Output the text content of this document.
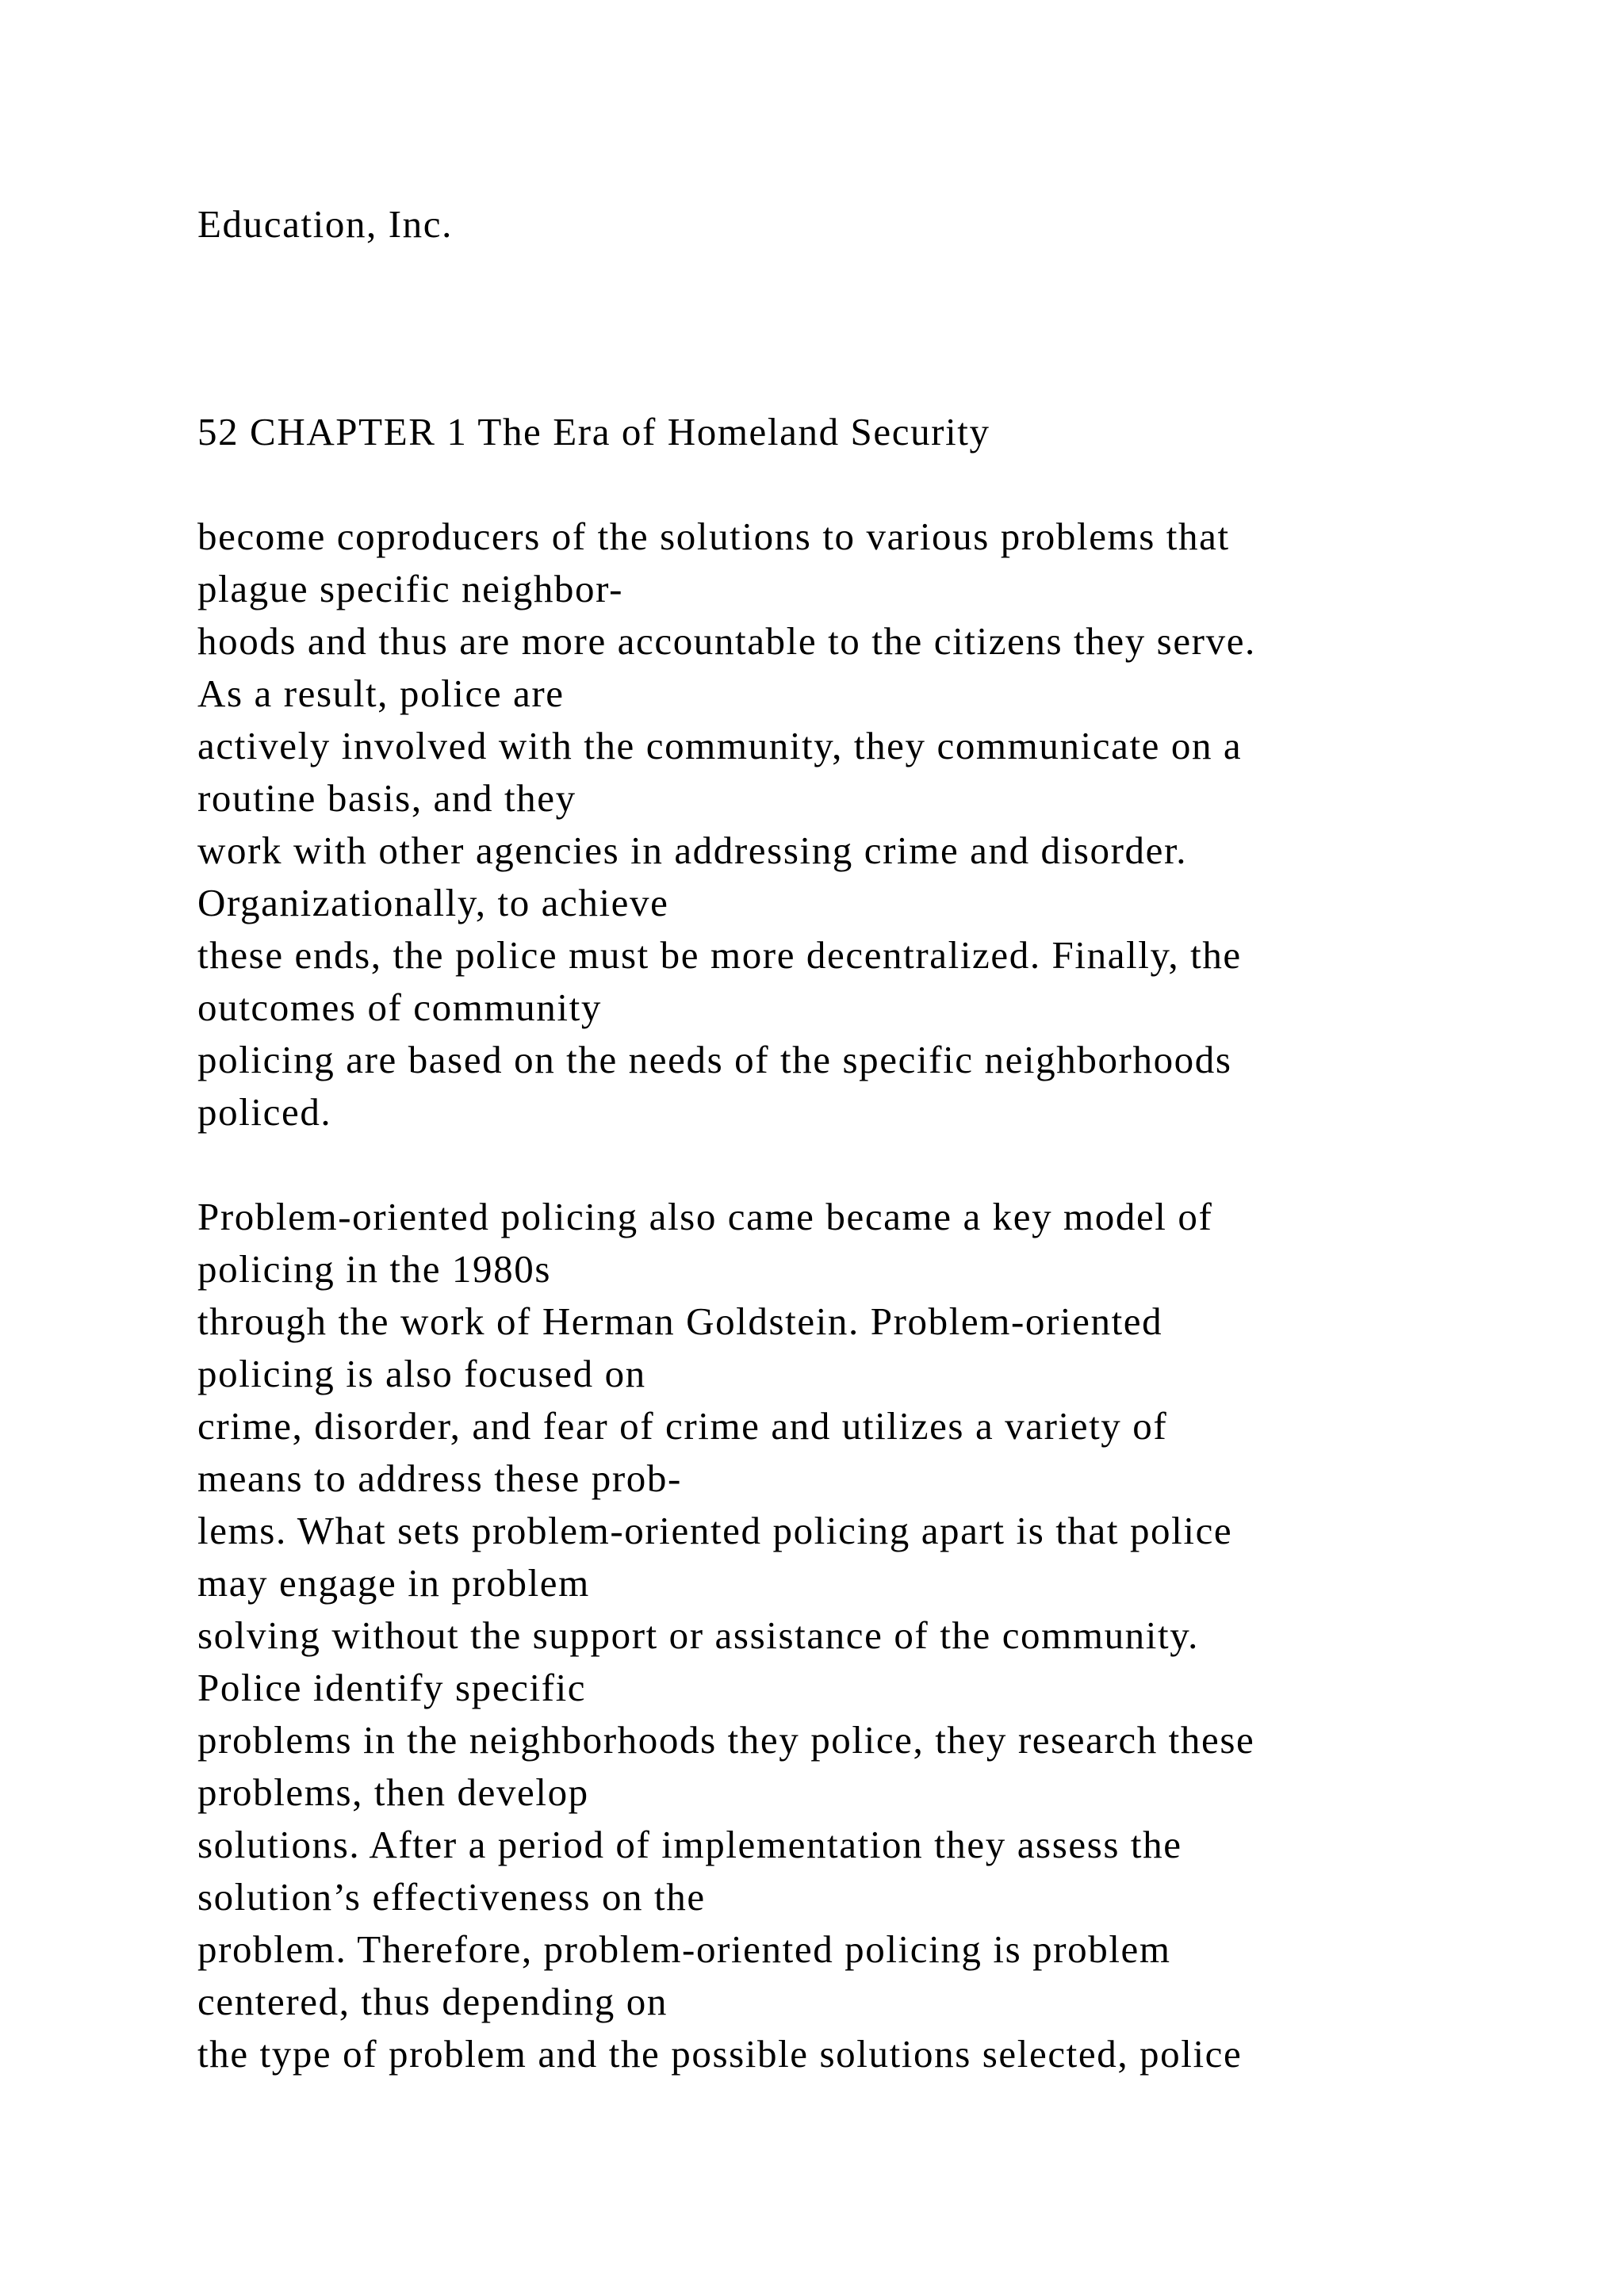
Education, Inc.
52 CHAPTER 1 The Era of Homeland Security
become coproducers of the solutions to various problems that
plague specific neighbor-
hoods and thus are more accountable to the citizens they serve.
As a result, police are
actively involved with the community, they communicate on a
routine basis, and they
work with other agencies in addressing crime and disorder.
Organizationally, to achieve
these ends, the police must be more decentralized. Finally, the
outcomes of community
policing are based on the needs of the specific neighborhoods
policed.
Problem-oriented policing also came became a key model of
policing in the 1980s
through the work of Herman Goldstein. Problem-oriented
policing is also focused on
crime, disorder, and fear of crime and utilizes a variety of
means to address these prob-
lems. What sets problem-oriented policing apart is that police
may engage in problem
solving without the support or assistance of the community.
Police identify specific
problems in the neighborhoods they police, they research these
problems, then develop
solutions. After a period of implementation they assess the
solution’s effectiveness on the
problem. Therefore, problem-oriented policing is problem
centered, thus depending on
the type of problem and the possible solutions selected, police
